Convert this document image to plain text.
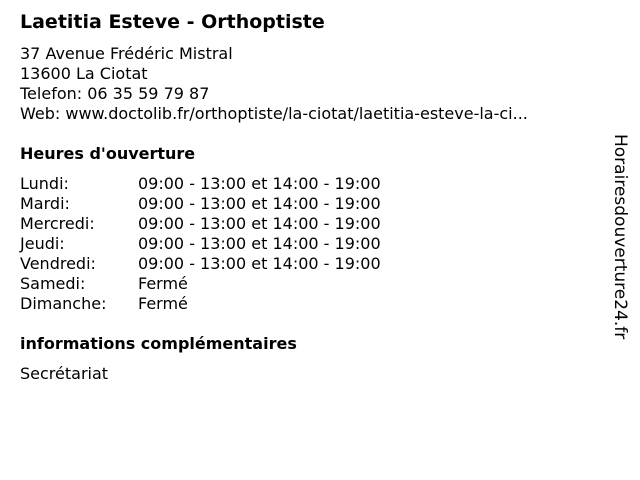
Laetitia Esteve - Orthoptiste
37 Avenue Frédéric Mistral
13600 La Ciotat
Telefon: 06 35 59 79 87
Web: www.doctolib.fr/orthoptiste/la-ciotat/laetitia-esteve-la-ci...
Heures d'ouverture
Lundi:	09:00 - 13:00 et 14:00 - 19:00
Mardi:	09:00 - 13:00 et 14:00 - 19:00
Mercredi:	09:00 - 13:00 et 14:00 - 19:00
Jeudi:	09:00 - 13:00 et 14:00 - 19:00
Vendredi:	09:00 - 13:00 et 14:00 - 19:00
Samedi:	Fermé
Dimanche:	Fermé
informations complémentaires
Secrétariat
Horairesdouverture24.fr
